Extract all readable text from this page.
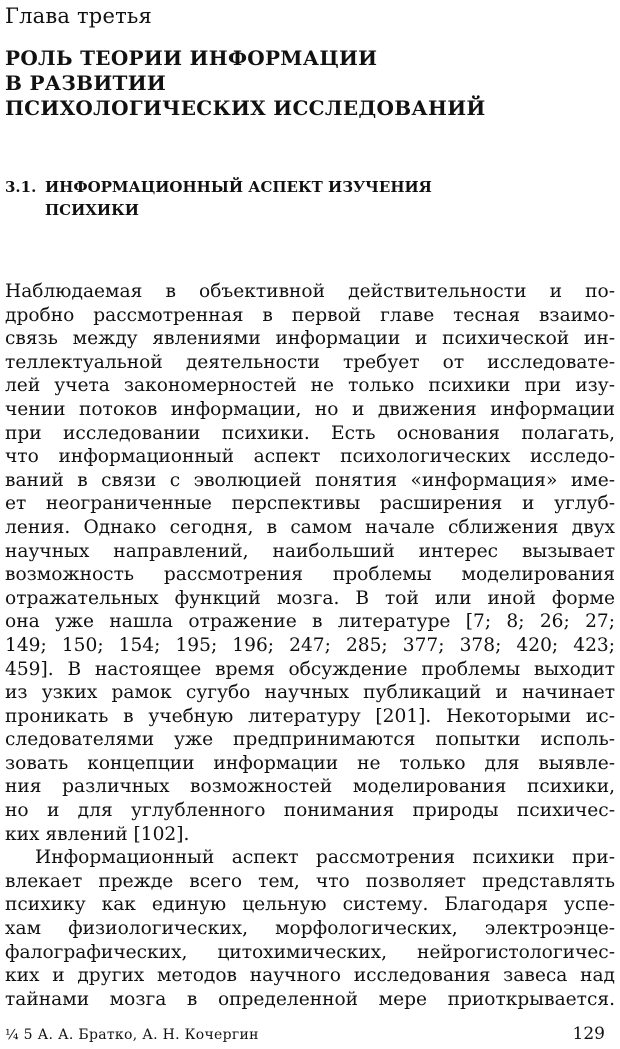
Глава третья
РОЛЬ ТЕОРИИ ИНФОРМАЦИИ
В РАЗВИТИИ
ПСИХОЛОГИЧЕСКИХ ИССЛЕДОВАНИЙ
3.1. ИНФОРМАЦИОННЫЙ АСПЕКТ ИЗУЧЕНИЯ
ПСИХИКИ
Наблюдаемая в объективной действительности и по-
дробно рассмотренная в первой главе тесная взаимо-
связь между явлениями информации и психической ин-
теллектуальной деятельности требует от исследовате-
лей учета закономерностей не только психики при изу-
чении потоков информации, но и движения информации
при исследовании психики. Есть основания полагать,
что информационный аспект психологических исследо-
ваний в связи с эволюцией понятия «информация» име-
ет неограниченные перспективы расширения и углуб-
ления. Однако сегодня, в самом начале сближения двух
научных направлений, наибольший интерес вызывает
возможность рассмотрения проблемы моделирования
отражательных функций мозга. В той или иной форме
она уже нашла отражение в литературе [7; 8; 26; 27;
149; 150; 154; 195; 196; 247; 285; 377; 378; 420; 423;
459]. В настоящее время обсуждение проблемы выходит
из узких рамок сугубо научных публикаций и начинает
проникать в учебную литературу [201]. Некоторыми ис-
следователями уже предпринимаются попытки исполь-
зовать концепции информации не только для выявле-
ния различных возможностей моделирования психики,
но и для углубленного понимания природы психичес-
ких явлений [102].
Информационный аспект рассмотрения психики при-
влекает прежде всего тем, что позволяет представлять
психику как единую цельную систему. Благодаря успе-
хам физиологических, морфологических, электроэнце-
фалографических, цитохимических, нейрогистологичес-
ких и других методов научного исследования завеса над
тайнами мозга в определенной мере приоткрывается.
¼ 5 А. А. Братко, А. Н. Кочергин	129
